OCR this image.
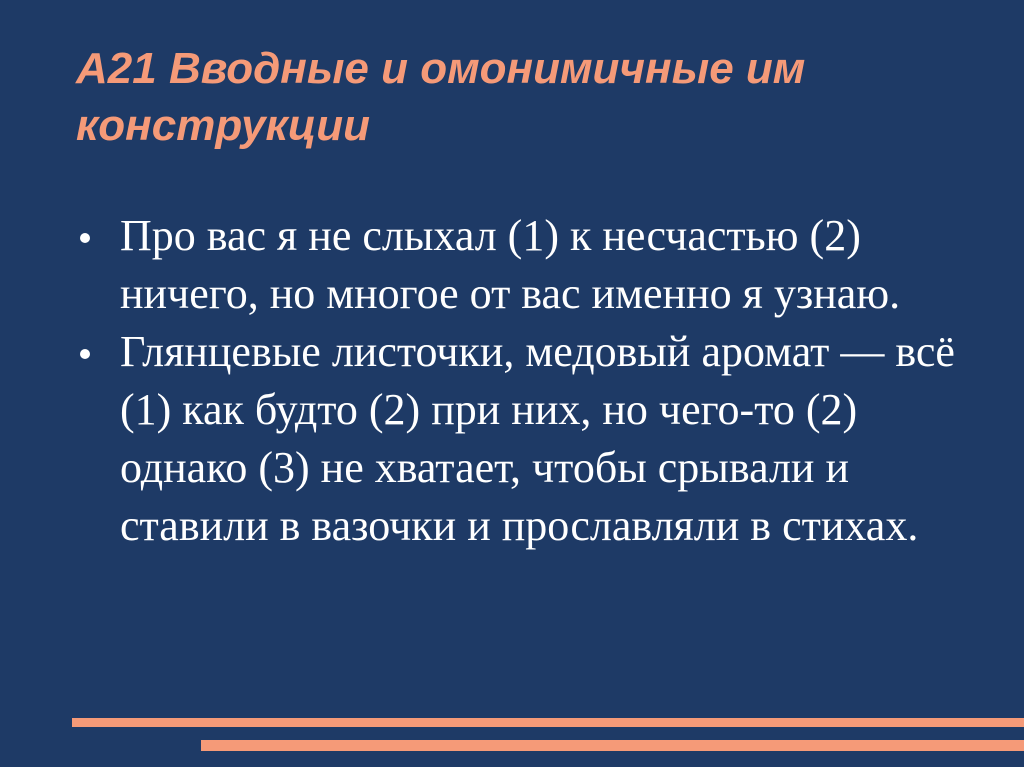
А21 Вводные и омонимичные им конструкции
Про вас я не слыхал (1) к несчастью (2) ничего, но многое от вас именно я узнаю.
Глянцевые листочки, медовый аромат — всё (1) как будто (2) при них, но чего-то (2) однако (3) не хватает, чтобы срывали и ставили в вазочки и прославляли в стихах.
